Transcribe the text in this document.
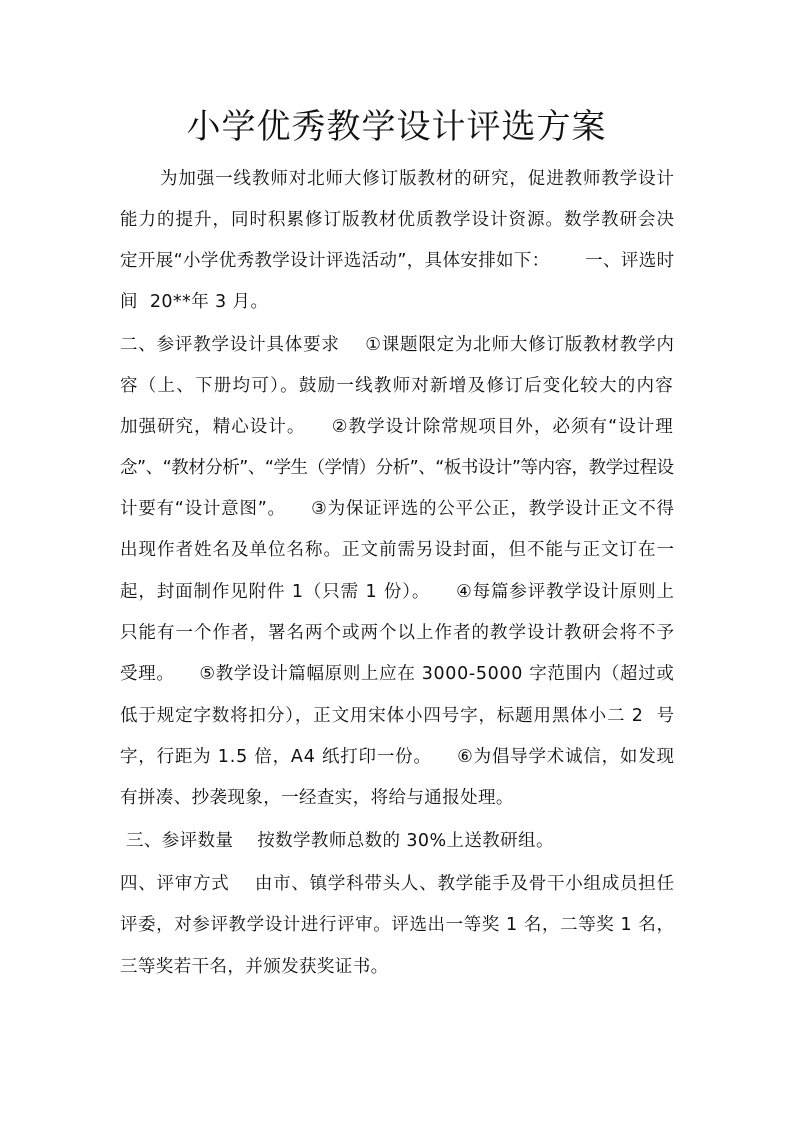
小学优秀教学设计评选方案
为加强一线教师对北师大修订版教材的研究，促进教师教学设计
能力的提升，同时积累修订版教材优质教学设计资源。数学教研会决
定开展“小学优秀教学设计评选活动”，具体安排如下：      一、评选时
间  20**年 3 月。
二、参评教学设计具体要求    ①课题限定为北师大修订版教材教学内
容（上、下册均可）。鼓励一线教师对新增及修订后变化较大的内容
加强研究，精心设计。    ②教学设计除常规项目外，必须有“设计理
念”、“教材分析”、“学生（学情）分析”、“板书设计”等内容，教学过程设
计要有“设计意图”。    ③为保证评选的公平公正，教学设计正文不得
出现作者姓名及单位名称。正文前需另设封面，但不能与正文订在一
起，封面制作见附件 1（只需 1 份）。    ④每篇参评教学设计原则上
只能有一个作者，署名两个或两个以上作者的教学设计教研会将不予
受理。    ⑤教学设计篇幅原则上应在 3000-5000 字范围内（超过或
低于规定字数将扣分），正文用宋体小四号字，标题用黑体小二 2  号
字，行距为 1.5 倍，A4 纸打印一份。    ⑥为倡导学术诚信，如发现
有拼凑、抄袭现象，一经查实，将给与通报处理。
三、参评数量    按数学教师总数的 30%上送教研组。
四、评审方式    由市、镇学科带头人、教学能手及骨干小组成员担任
评委，对参评教学设计进行评审。评选出一等奖 1 名，二等奖 1 名，
三等奖若干名，并颁发获奖证书。
